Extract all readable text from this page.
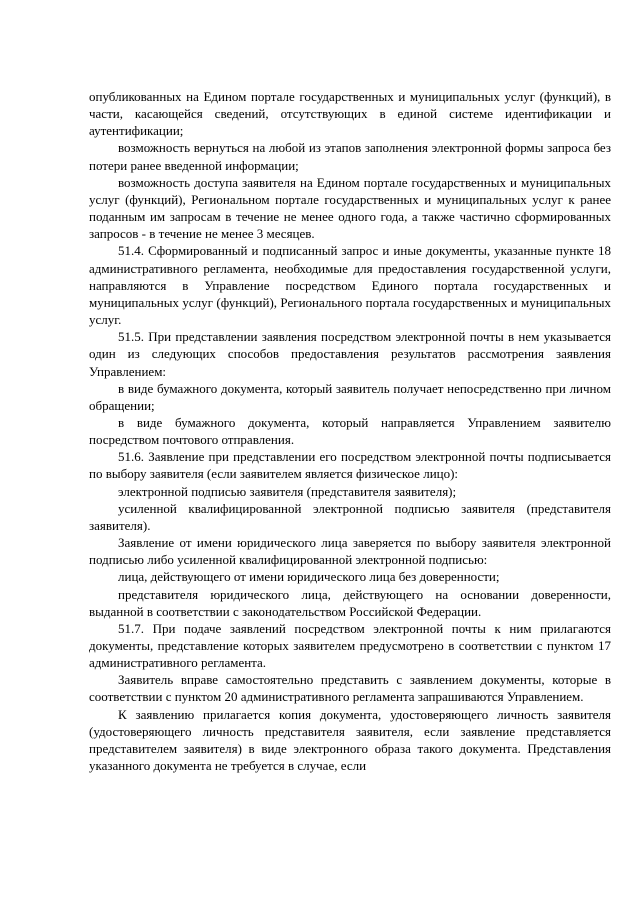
опубликованных на Едином портале государственных и муниципальных услуг (функций), в части, касающейся сведений, отсутствующих в единой системе идентификации и аутентификации;

возможность вернуться на любой из этапов заполнения электронной формы запроса без потери ранее введенной информации;

возможность доступа заявителя на Едином портале государственных и муниципальных услуг (функций), Региональном портале государственных и муниципальных услуг к ранее поданным им запросам в течение не менее одного года, а также частично сформированных запросов - в течение не менее 3 месяцев.

51.4. Сформированный и подписанный запрос и иные документы, указанные пункте 18 административного регламента, необходимые для предоставления государственной услуги, направляются в Управление посредством Единого портала государственных и муниципальных услуг (функций), Регионального портала государственных и муниципальных услуг.

51.5. При представлении заявления посредством электронной почты в нем указывается один из следующих способов предоставления результатов рассмотрения заявления Управлением:

в виде бумажного документа, который заявитель получает непосредственно при личном обращении;

в виде бумажного документа, который направляется Управлением заявителю посредством почтового отправления.

51.6. Заявление при представлении его посредством электронной почты подписывается по выбору заявителя (если заявителем является физическое лицо):

электронной подписью заявителя (представителя заявителя);

усиленной квалифицированной электронной подписью заявителя (представителя заявителя).

Заявление от имени юридического лица заверяется по выбору заявителя электронной подписью либо усиленной квалифицированной электронной подписью:

лица, действующего от имени юридического лица без доверенности;

представителя юридического лица, действующего на основании доверенности, выданной в соответствии с законодательством Российской Федерации.

51.7. При подаче заявлений посредством электронной почты к ним прилагаются документы, представление которых заявителем предусмотрено в соответствии с пунктом 17 административного регламента.

Заявитель вправе самостоятельно представить с заявлением документы, которые в соответствии с пунктом 20 административного регламента запрашиваются Управлением.

К заявлению прилагается копия документа, удостоверяющего личность заявителя (удостоверяющего личность представителя заявителя, если заявление представляется представителем заявителя) в виде электронного образа такого документа. Представления указанного документа не требуется в случае, если
